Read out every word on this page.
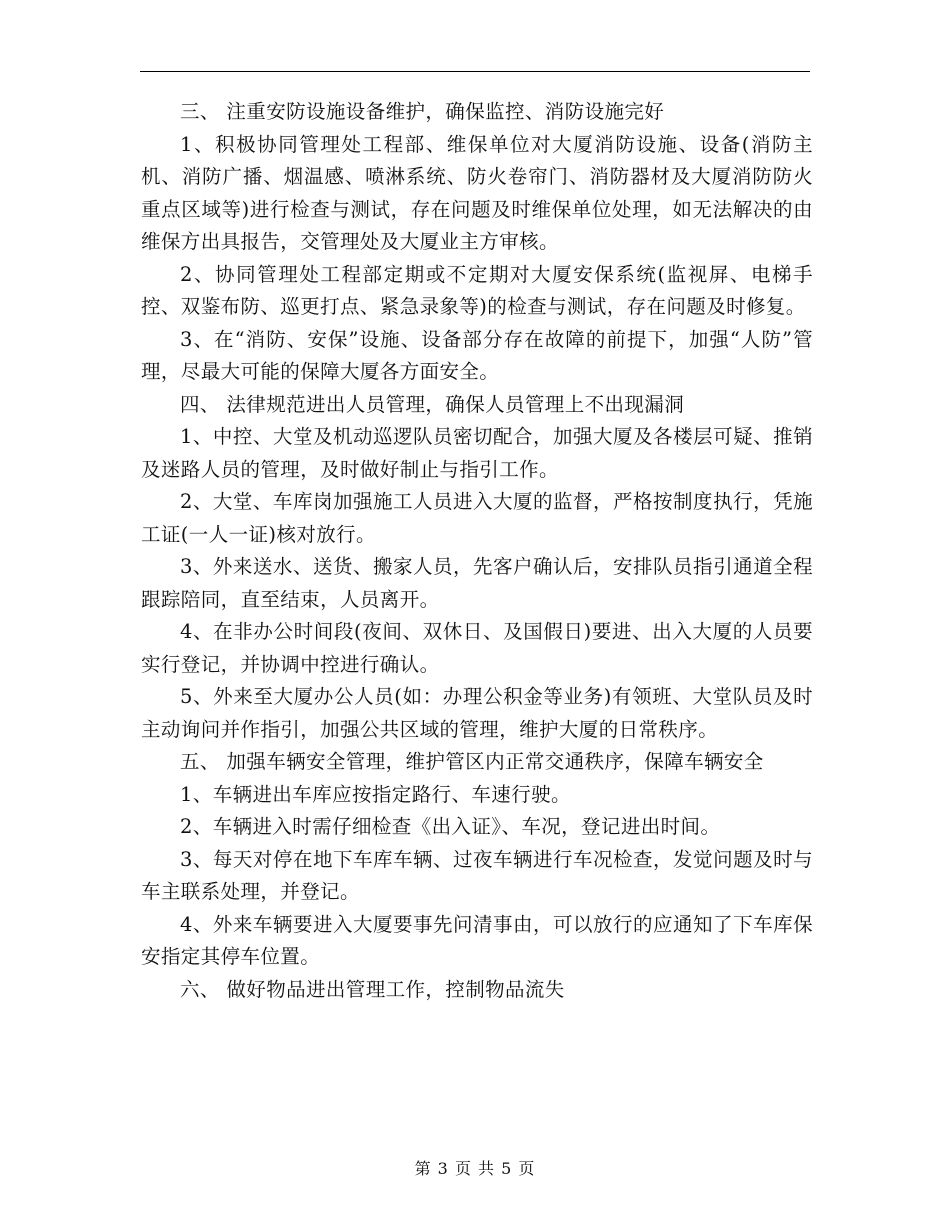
三、 注重安防设施设备维护，确保监控、消防设施完好

1、积极协同管理处工程部、维保单位对大厦消防设施、设备(消防主机、消防广播、烟温感、喷淋系统、防火卷帘门、消防器材及大厦消防防火重点区域等)进行检查与测试，存在问题及时维保单位处理，如无法解决的由维保方出具报告，交管理处及大厦业主方审核。

2、协同管理处工程部定期或不定期对大厦安保系统(监视屏、电梯手控、双鉴布防、巡更打点、紧急录象等)的检查与测试，存在问题及时修复。

3、在“消防、安保”设施、设备部分存在故障的前提下，加强“人防”管理，尽最大可能的保障大厦各方面安全。

四、 法律规范进出人员管理，确保人员管理上不出现漏洞

1、中控、大堂及机动巡逻队员密切配合，加强大厦及各楼层可疑、推销及迷路人员的管理，及时做好制止与指引工作。

2、大堂、车库岗加强施工人员进入大厦的监督，严格按制度执行，凭施工证(一人一证)核对放行。

3、外来送水、送货、搬家人员，先客户确认后，安排队员指引通道全程跟踪陪同，直至结束，人员离开。

4、在非办公时间段(夜间、双休日、及国假日)要进、出入大厦的人员要实行登记，并协调中控进行确认。

5、外来至大厦办公人员(如：办理公积金等业务)有领班、大堂队员及时主动询问并作指引，加强公共区域的管理，维护大厦的日常秩序。

五、 加强车辆安全管理，维护管区内正常交通秩序，保障车辆安全

1、车辆进出车库应按指定路行、车速行驶。

2、车辆进入时需仔细检查《出入证》、车况，登记进出时间。

3、每天对停在地下车库车辆、过夜车辆进行车况检查，发觉问题及时与车主联系处理，并登记。

4、外来车辆要进入大厦要事先问清事由，可以放行的应通知了下车库保安指定其停车位置。

六、 做好物品进出管理工作，控制物品流失

第 3 页 共 5 页
